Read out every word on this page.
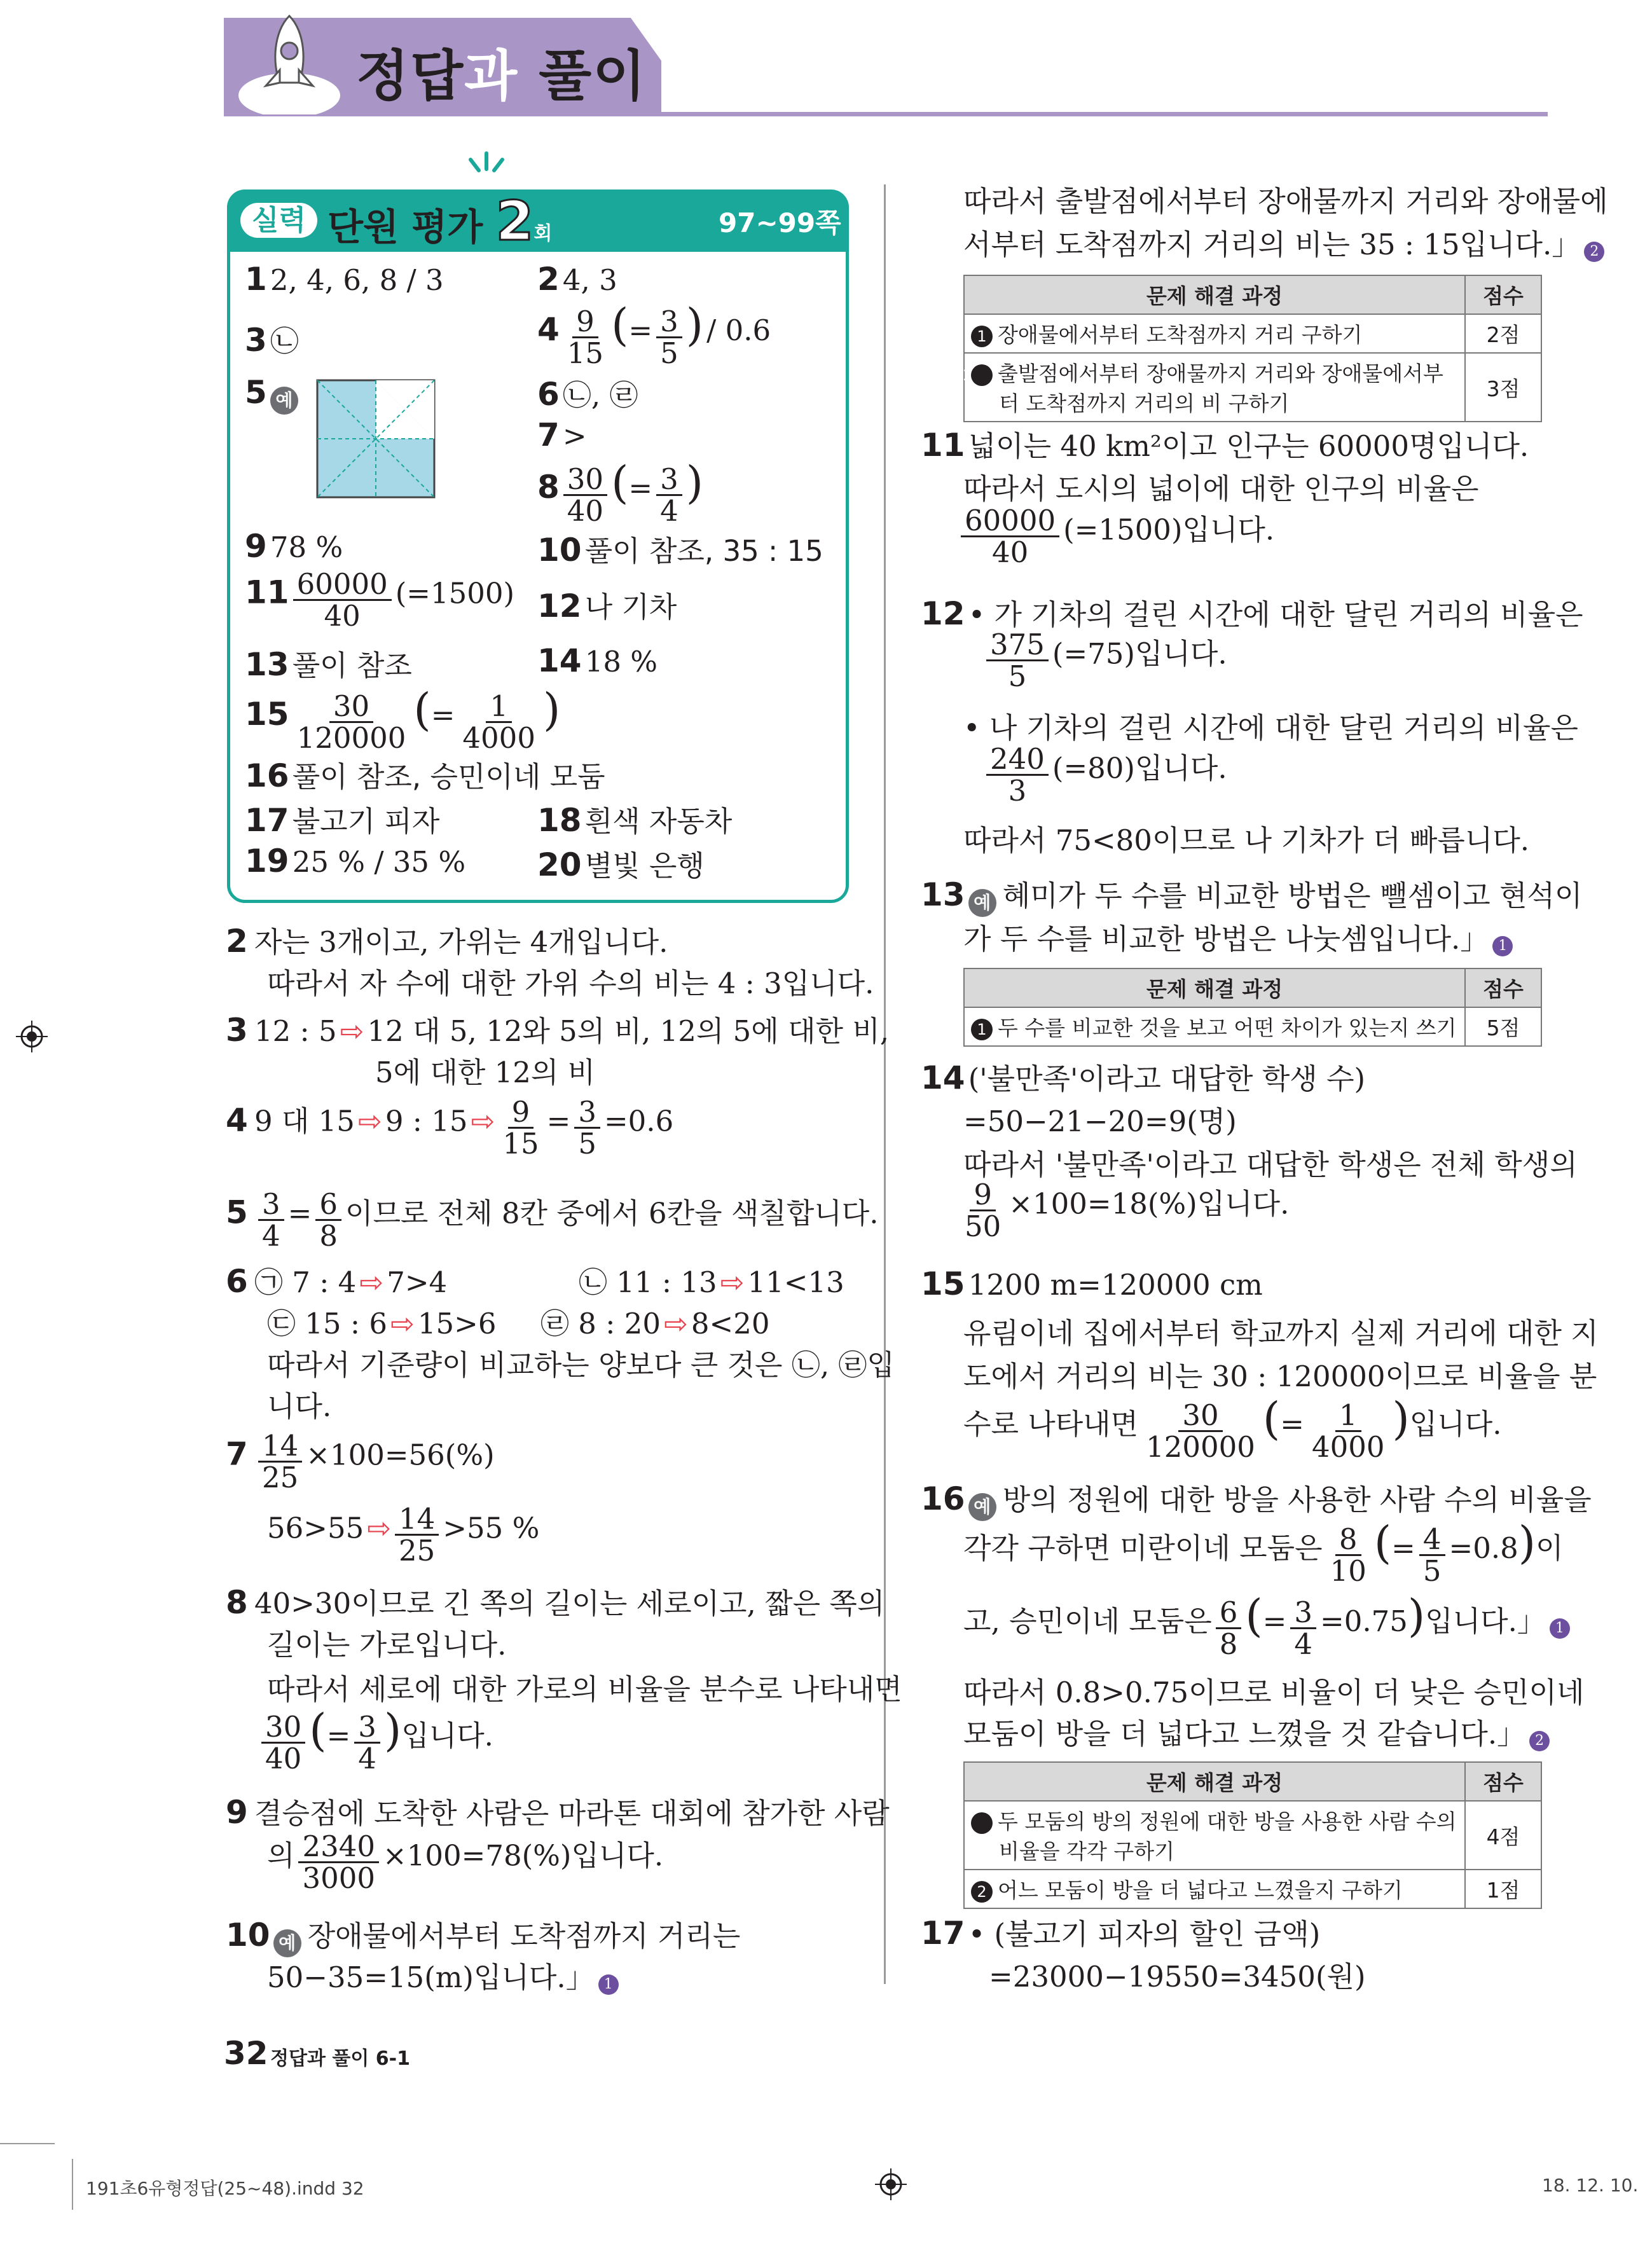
정답과 풀이
실력 단원 평가 2회	97~99쪽
1 2, 4, 6, 8 / 3
3 ㉡
5 예
9 78 %
$11 \frac{60000}{40} (=1500)$
13 풀이 참조
$15 \frac{30}{120000}$ (= $\frac{1}{4000}$ )
16 풀이 참조, 승민이네 모둠
17 불고기 피자
19 25 % / 35 %
2 4, 3
$4 \frac{9}{15}$ (= $\frac{3}{5}$ ) / 0.6
6 ㉡, ㉣
7 >
$8 \frac{30}{40}$ (= $\frac{3}{4}$ )
10 풀이 참조, 35 : 15
12 나 기차
14 18 %
18 흰색 자동차
20 별빛 은행
2 자는 3개이고, 가위는 4개입니다.
따라서 자 수에 대한 가위 수의 비는 4 : 3입니다.
3 12 : 5 ⇨ 12 대 5, 12와 5의 비, 12의 5에 대한 비,
5에 대한 12의 비
4 9 대 15 ⇨ 9 : 15 ⇨ $\frac{9}{15} = \frac{3}{5} =0.6$
$5 \frac{3}{4} = \frac{6}{8}$ 이므로 전체 8칸 중에서 6칸을 색칠합니다.
6 ㉠ 7 : 4 ⇨ 7>4	㉡ 11 : 13 ⇨ 11<13
㉢ 15 : 6 ⇨ 15>6 ㉣ 8 : 20 ⇨ 8<20
따라서 기준량이 비교하는 양보다 큰 것은 ㉡, ㉣입
니다.
$7 \frac{14}{25} \times 100=56(\%)$
56>55 ⇨ $\frac{14}{25} >55$ %
8 40>30이므로 긴 쪽의 길이는 세로이고, 짧은 쪽의
길이는 가로입니다.
따라서 세로에 대한 가로의 비율을 분수로 나타내면
$\frac{30}{40}$ (= $\frac{3}{4}$ )입니다.
9 결승점에 도착한 사람은 마라톤 대회에 참가한 사람
의 $\frac{2340}{3000} \times 100=78(\%)$입니다.
10 예 장애물에서부터 도착점까지 거리는
50−35=15(m)입니다.」 1
따라서 출발점에서부터 장애물까지 거리와 장애물에
서부터 도착점까지 거리의 비는 35 : 15입니다.」 2
문제 해결 과정	점수
1 장애물에서부터 도착점까지 거리 구하기	2점
2 출발점에서부터 장애물까지 거리와 장애물에서부터 도착점까지 거리의 비 구하기	3점
11 넓이는 40 km²이고 인구는 60000명입니다.
따라서 도시의 넓이에 대한 인구의 비율은
$\frac{60000}{40} (=1500)$입니다.
12 • 가 기차의 걸린 시간에 대한 달린 거리의 비율은
$\frac{375}{5} (=75)$입니다.
• 나 기차의 걸린 시간에 대한 달린 거리의 비율은
$\frac{240}{3} (=80)$입니다.
따라서 75<80이므로 나 기차가 더 빠릅니다.
13 예 혜미가 두 수를 비교한 방법은 뺄셈이고 현석이
가 두 수를 비교한 방법은 나눗셈입니다.」 1
문제 해결 과정	점수
1 두 수를 비교한 것을 보고 어떤 차이가 있는지 쓰기	5점
14 ('불만족'이라고 대답한 학생 수)
=50−21−20=9(명)
따라서 '불만족'이라고 대답한 학생은 전체 학생의
$\frac{9}{50} \times 100=18(\%)$입니다.
15 1200 m=120000 cm
유림이네 집에서부터 학교까지 실제 거리에 대한 지
도에서 거리의 비는 30 : 120000이므로 비율을 분
수로 나타내면 $\frac{30}{120000}$ (= $\frac{1}{4000}$ )입니다.
16 예 방의 정원에 대한 방을 사용한 사람 수의 비율을
각각 구하면 미란이네 모둠은 $\frac{8}{10}$ (= $\frac{4}{5} =0.8$)이
고, 승민이네 모둠은 $\frac{6}{8}$ (= $\frac{3}{4} =0.75$)입니다.」 1
따라서 0.8>0.75이므로 비율이 더 낮은 승민이네
모둠이 방을 더 넓다고 느꼈을 것 같습니다.」 2
문제 해결 과정	점수
1 두 모둠의 방의 정원에 대한 방을 사용한 사람 수의 비율을 각각 구하기	4점
2 어느 모둠이 방을 더 넓다고 느꼈을지 구하기	1점
17 • (불고기 피자의 할인 금액)
=23000−19550=3450(원)
32 정답과 풀이 6-1
191초6유형정답(25~48).indd 32	18. 12. 10.
